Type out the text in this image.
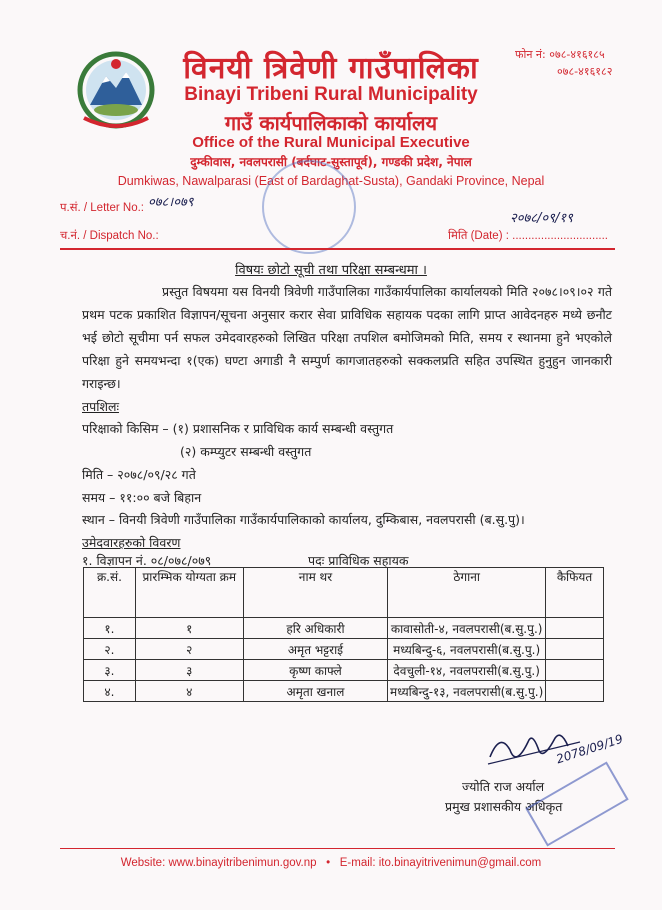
फोन नं: ०७८-४१६१८५
०७८-४१६१८२
विनयी त्रिवेणी गाउँपालिका
Binayi Tribeni Rural Municipality
गाउँ कार्यपालिकाको कार्यालय
Office of the Rural Municipal Executive
दुम्कीवास, नवलपरासी (बर्दघाट-सुस्तापूर्व), गण्डकी प्रदेश, नेपाल
Dumkiwas, Nawalparasi (East of Bardaghat-Susta), Gandaki Province, Nepal
प.सं. / Letter No.: ०७८।०७९
२०७८/०९/१९
च.नं. / Dispatch No.:	मिति (Date) : ..............................
विषयः छोटो सूची तथा परिक्षा सम्बन्धमा ।
प्रस्तुत विषयमा यस विनयी त्रिवेणी गाउँपालिका गाउँकार्यपालिका कार्यालयको मिति २०७८।०९।०२ गते प्रथम पटक प्रकाशित विज्ञापन/सूचना अनुसार करार सेवा प्राविधिक सहायक पदका लागि प्राप्त आवेदनहरु मध्ये छनौट भई छोटो सूचीमा पर्न सफल उमेदवारहरुको लिखित परिक्षा तपशिल बमोजिमको मिति, समय र स्थानमा हुने भएकोले परिक्षा हुने समयभन्दा १(एक) घण्टा अगाडी नै सम्पुर्ण कागजातहरुको सक्कलप्रति सहित उपस्थित हुनुहुन जानकारी गराइन्छ।
तपशिलः
परिक्षाको किसिम – (१) प्रशासनिक र प्राविधिक कार्य सम्बन्धी वस्तुगत
(२) कम्प्युटर सम्बन्धी वस्तुगत
मिति – २०७८/०९/२८ गते
समय – ११:०० बजे बिहान
स्थान – विनयी त्रिवेणी गाउँपालिका गाउँकार्यपालिकाको कार्यालय, दुम्किबास, नवलपरासी (ब.सु.पु)।
उमेदवारहरुको विवरण
१. विज्ञापन नं. ०८/०७८/०७९	पदः प्राविधिक सहायक
क्र.सं.	प्रारम्भिक योग्यता क्रम	नाम थर	ठेगाना	कैफियत
१.	१	हरि अधिकारी	कावासोती-४, नवलपरासी(ब.सु.पु.)	
२.	२	अमृत भट्टराई	मध्यबिन्दु-६, नवलपरासी(ब.सु.पु.)	
३.	३	कृष्ण काफ्ले	देवचुली-१४, नवलपरासी(ब.सु.पु.)	
४.	४	अमृता खनाल	मध्यबिन्दु-१३, नवलपरासी(ब.सु.पु.)	
2078/09/19
ज्योति राज अर्याल
प्रमुख प्रशासकीय अधिकृत
Website: www.binayitribenimun.gov.np • E-mail: ito.binayitrivenimun@gmail.com
